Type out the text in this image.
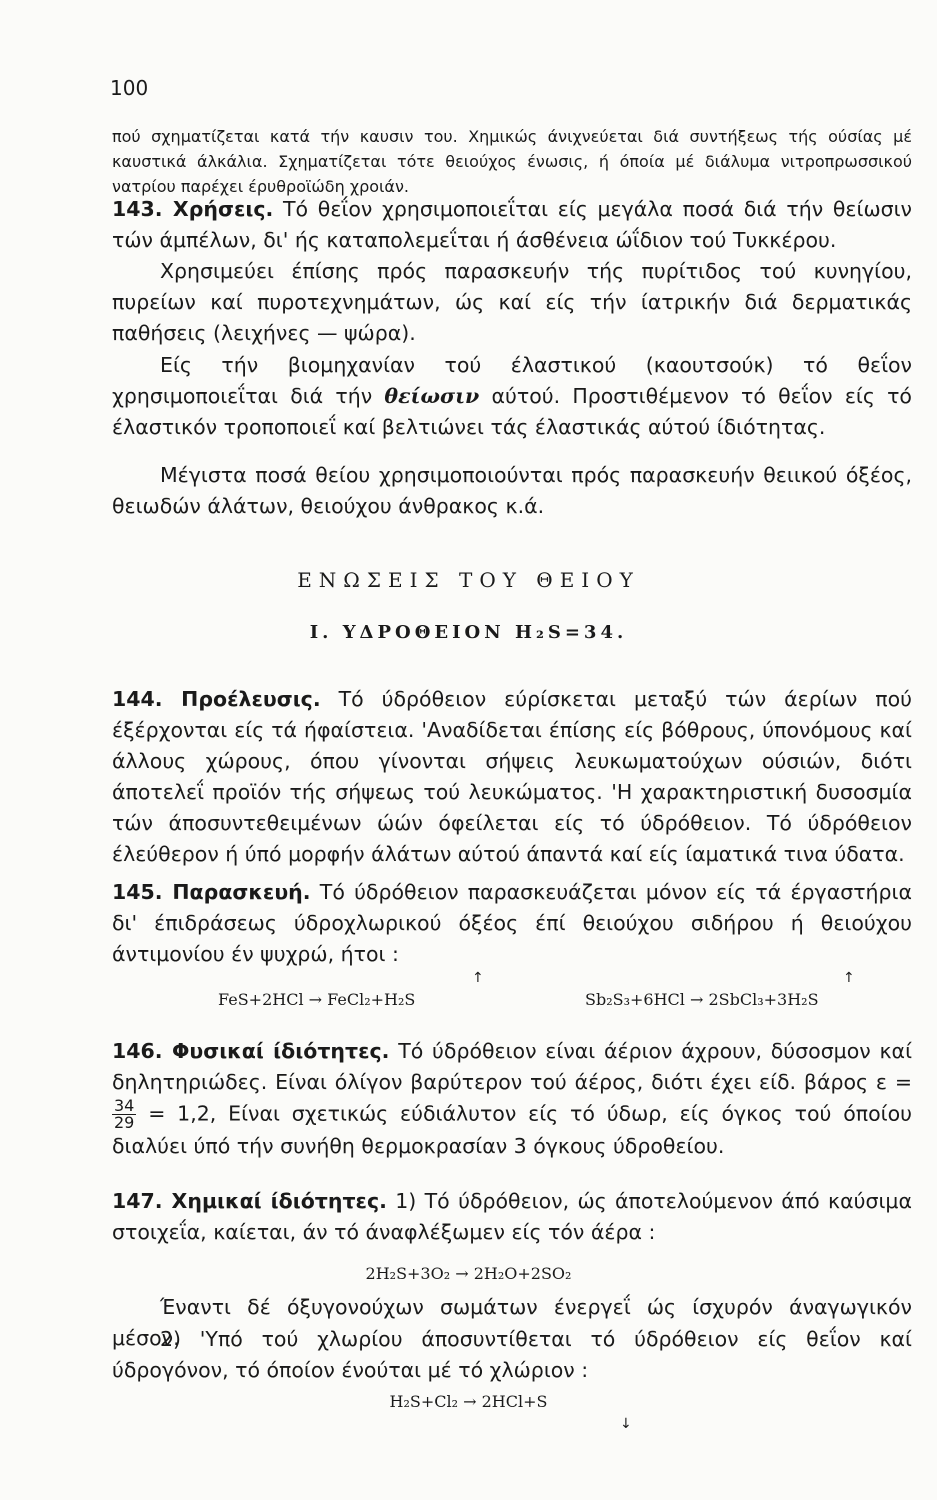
100

πού σχηματίζεται κατά τήν καυσιν του. Χημικώς άνιχνεύεται διά συντήξεως τής ούσίας μέ καυστικά άλκάλια. Σχηματίζεται τότε θειούχος ένωσις, ή όποία μέ διάλυμα νιτροπρωσσικού νατρίου παρέχει έρυθροϊώδη χροιάν.

143. Χρήσεις. Τό θεΐον χρησιμοποιεΐται είς μεγάλα ποσά διά τήν θείωσιν τών άμπέλων, δι' ής καταπολεμεΐται ή άσθένεια ώΐδιον τού Τυκκέρου.

Χρησιμεύει έπίσης πρός παρασκευήν τής πυρίτιδος τού κυνηγίου, πυρείων καί πυροτεχνημάτων, ώς καί είς τήν ίατρικήν διά δερματικάς παθήσεις (λειχήνες — ψώρα).

Είς τήν βιομηχανίαν τού έλαστικού (καουτσούκ) τό θεΐον χρησιμοποιεΐται διά τήν θείωσιν αύτού. Προστιθέμενον τό θεΐον είς τό έλαστικόν τροποποιεΐ καί βελτιώνει τάς έλαστικάς αύτού ίδιότητας.

Μέγιστα ποσά θείου χρησιμοποιούνται πρός παρασκευήν θειικού όξέος, θειωδών άλάτων, θειούχου άνθρακος κ.ά.

ΕΝΩΣΕΙΣ ΤΟΥ ΘΕΙΟΥ
Ι. ΥΔΡΟΘΕΙΟΝ H₂S=34.

144. Προέλευσις. Τό ύδρόθειον εύρίσκεται μεταξύ τών άερίων πού έξέρχονται είς τά ήφαίστεια. 'Αναδίδεται έπίσης είς βόθρους, ύπονόμους καί άλλους χώρους, όπου γίνονται σήψεις λευκωματούχων ούσιών, διότι άποτελεΐ προϊόν τής σήψεως τού λευκώματος. 'Η χαρακτηριστική δυσοσμία τών άποσυντεθειμένων ώών όφείλεται είς τό ύδρόθειον. Τό ύδρόθειον έλεύθερον ή ύπό μορφήν άλάτων αύτού άπαντά καί είς ίαματικά τινα ύδατα.

145. Παρασκευή. Τό ύδρόθειον παρασκευάζεται μόνον είς τά έργαστήρια δι' έπιδράσεως ύδροχλωρικού όξέος έπί θειούχου σιδήρου ή θειούχου άντιμονίου έν ψυχρώ, ήτοι :

↑
FeS+2HCl → FeCl₂+H₂S
↑
Sb₂S₃+6HCl → 2SbCl₃+3H₂S

146. Φυσικαί ίδιότητες. Τό ύδρόθειον είναι άέριον άχρουν, δύσοσμον καί δηλητηριώδες. Είναι όλίγον βαρύτερον τού άέρος, διότι έχει είδ. βάρος ε =
$\frac{34}{29} = 1,2$, Είναι σχετικώς εύδιάλυτον είς τό ύδωρ, είς όγκος τού όποίου διαλύει ύπό τήν συνήθη θερμοκρασίαν 3 όγκους ύδροθείου.

147. Χημικαί ίδιότητες. 1) Τό ύδρόθειον, ώς άποτελούμενον άπό καύσιμα στοιχεΐα, καίεται, άν τό άναφλέξωμεν είς τόν άέρα :

2H₂S+3O₂ → 2H₂O+2SO₂

Έναντι δέ όξυγονούχων σωμάτων ένεργεΐ ώς ίσχυρόν άναγωγικόν μέσον.

2) 'Υπό τού χλωρίου άποσυντίθεται τό ύδρόθειον είς θεΐον καί ύδρογόνον, τό όποίον ένούται μέ τό χλώριον :

H₂S+Cl₂ → 2HCl+S
↓
